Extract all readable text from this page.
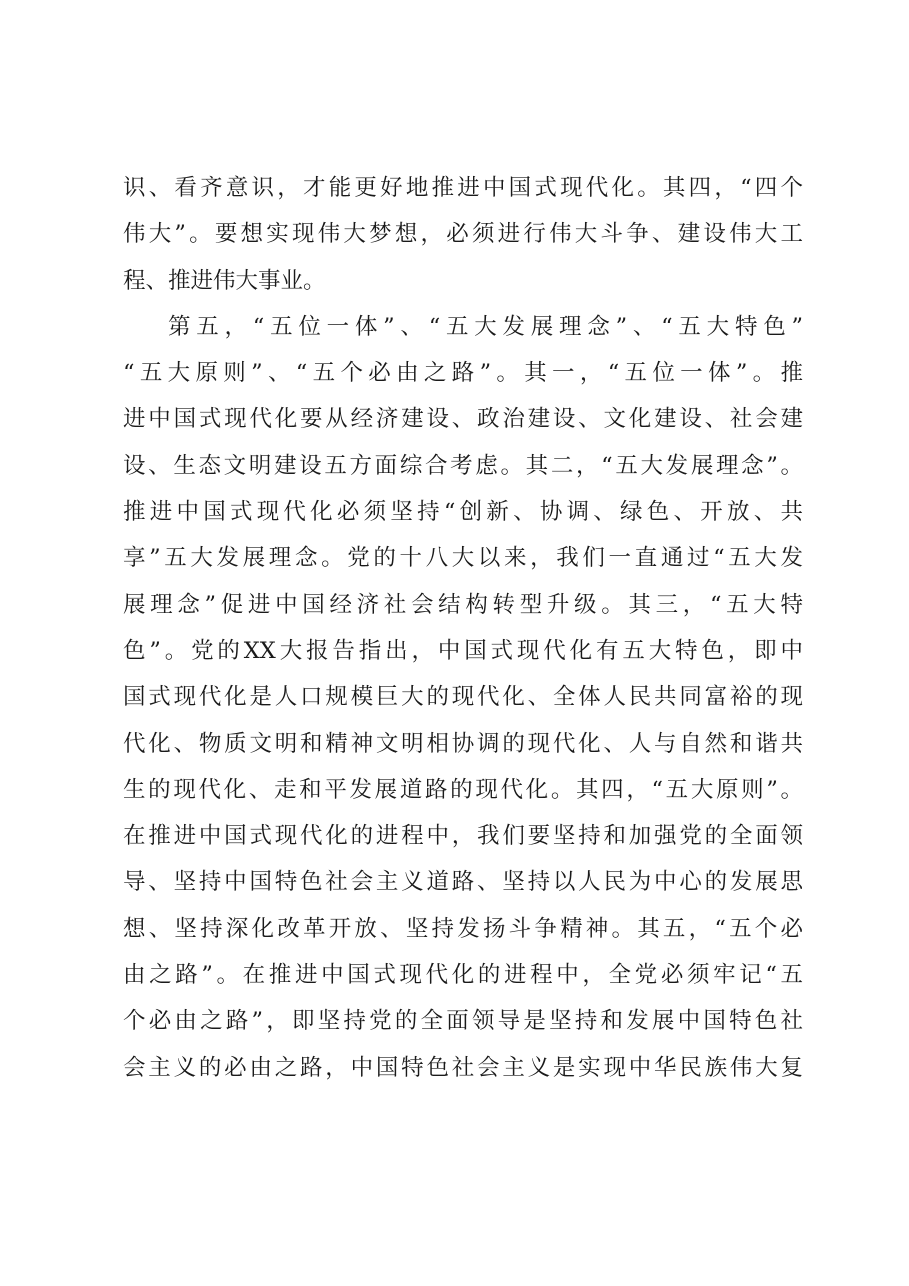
识、看齐意识，才能更好地推进中国式现代化。其四，“四个
伟大”。要想实现伟大梦想，必须进行伟大斗争、建设伟大工
程、推进伟大事业。
第五，“五位一体”、“五大发展理念”、“五大特色”
“五大原则”、“五个必由之路”。其一，“五位一体”。推
进中国式现代化要从经济建设、政治建设、文化建设、社会建
设、生态文明建设五方面综合考虑。其二，“五大发展理念”。
推进中国式现代化必须坚持“创新、协调、绿色、开放、共
享”五大发展理念。党的十八大以来，我们一直通过“五大发
展理念”促进中国经济社会结构转型升级。其三，“五大特
色”。党的XX大报告指出，中国式现代化有五大特色，即中
国式现代化是人口规模巨大的现代化、全体人民共同富裕的现
代化、物质文明和精神文明相协调的现代化、人与自然和谐共
生的现代化、走和平发展道路的现代化。其四，“五大原则”。
在推进中国式现代化的进程中，我们要坚持和加强党的全面领
导、坚持中国特色社会主义道路、坚持以人民为中心的发展思
想、坚持深化改革开放、坚持发扬斗争精神。其五，“五个必
由之路”。在推进中国式现代化的进程中，全党必须牢记“五
个必由之路”，即坚持党的全面领导是坚持和发展中国特色社
会主义的必由之路，中国特色社会主义是实现中华民族伟大复
